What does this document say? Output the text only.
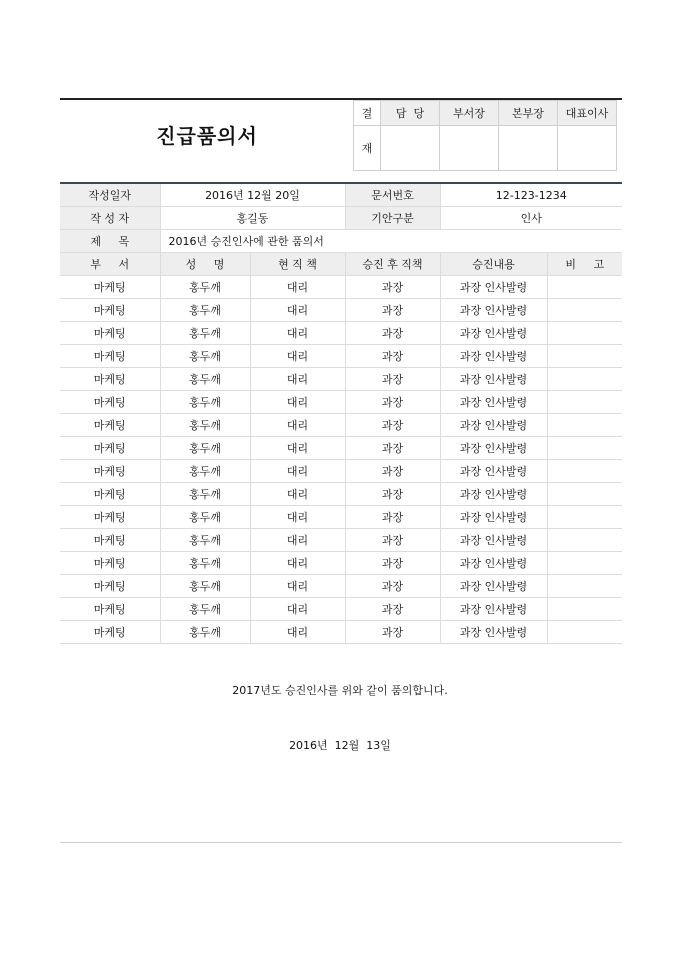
진급품의서
결	담  당	부서장	본부장	대표이사
재				
작성일자	2016년 12월 20일		문서번호	12-123-1234	
작 성 자	홍길동		기안구분	인사	
제     목	2016년 승진인사에 관한 품의서				
부     서	성     명	현 직 책	승진 후 직책	승진내용	비     고
마케팅	홍두깨	대리	과장	과장 인사발령	
마케팅	홍두깨	대리	과장	과장 인사발령	
마케팅	홍두깨	대리	과장	과장 인사발령	
마케팅	홍두깨	대리	과장	과장 인사발령	
마케팅	홍두깨	대리	과장	과장 인사발령	
마케팅	홍두깨	대리	과장	과장 인사발령	
마케팅	홍두깨	대리	과장	과장 인사발령	
마케팅	홍두깨	대리	과장	과장 인사발령	
마케팅	홍두깨	대리	과장	과장 인사발령	
마케팅	홍두깨	대리	과장	과장 인사발령	
마케팅	홍두깨	대리	과장	과장 인사발령	
마케팅	홍두깨	대리	과장	과장 인사발령	
마케팅	홍두깨	대리	과장	과장 인사발령	
마케팅	홍두깨	대리	과장	과장 인사발령	
마케팅	홍두깨	대리	과장	과장 인사발령	
마케팅	홍두깨	대리	과장	과장 인사발령	
2017년도 승진인사를 위와 같이 품의합니다.
2016년  12월  13일
